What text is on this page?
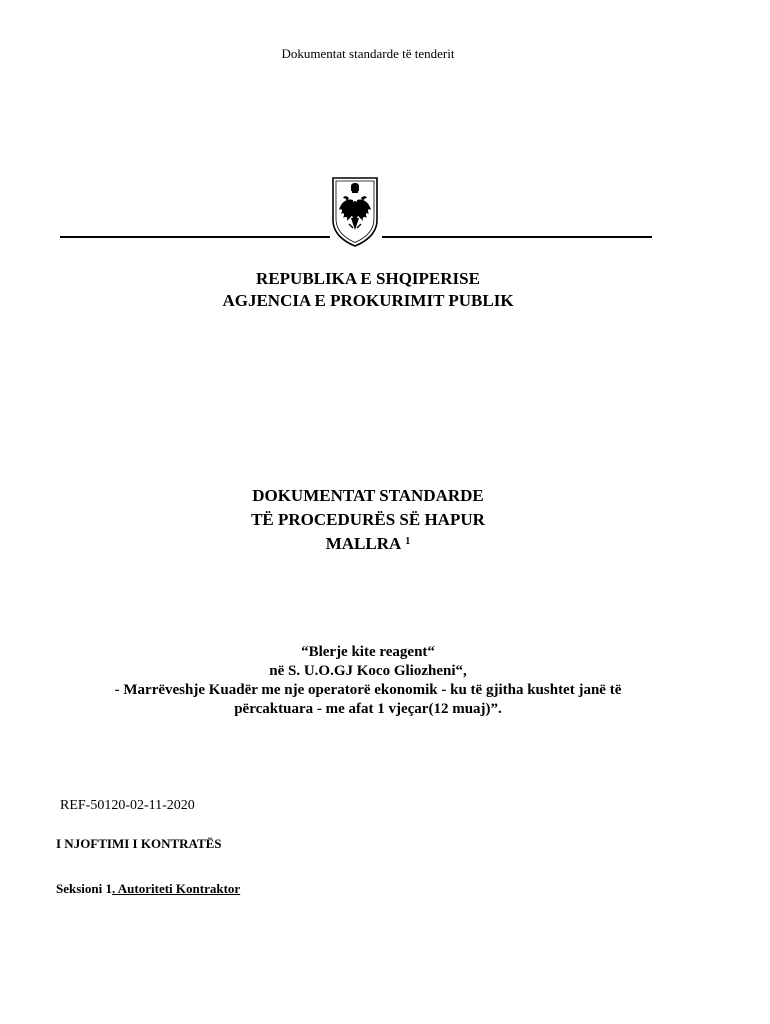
Dokumentat standarde të tenderit
REPUBLIKA E SHQIPERISE
AGJENCIA E PROKURIMIT PUBLIK
DOKUMENTAT STANDARDE
TË PROCEDURËS SË HAPUR
MALLRA $^1$
“Blerje kite reagent“
në S. U.O.GJ Koco Gliozheni“,
- Marrëveshje Kuadër me nje operatorë ekonomik - ku të gjitha kushtet janë të
përcaktuara - me afat 1 vjeçar(12 muaj)”.
REF-50120-02-11-2020
I NJOFTIMI I KONTRATËS
Seksioni 1. Autoriteti Kontraktor
